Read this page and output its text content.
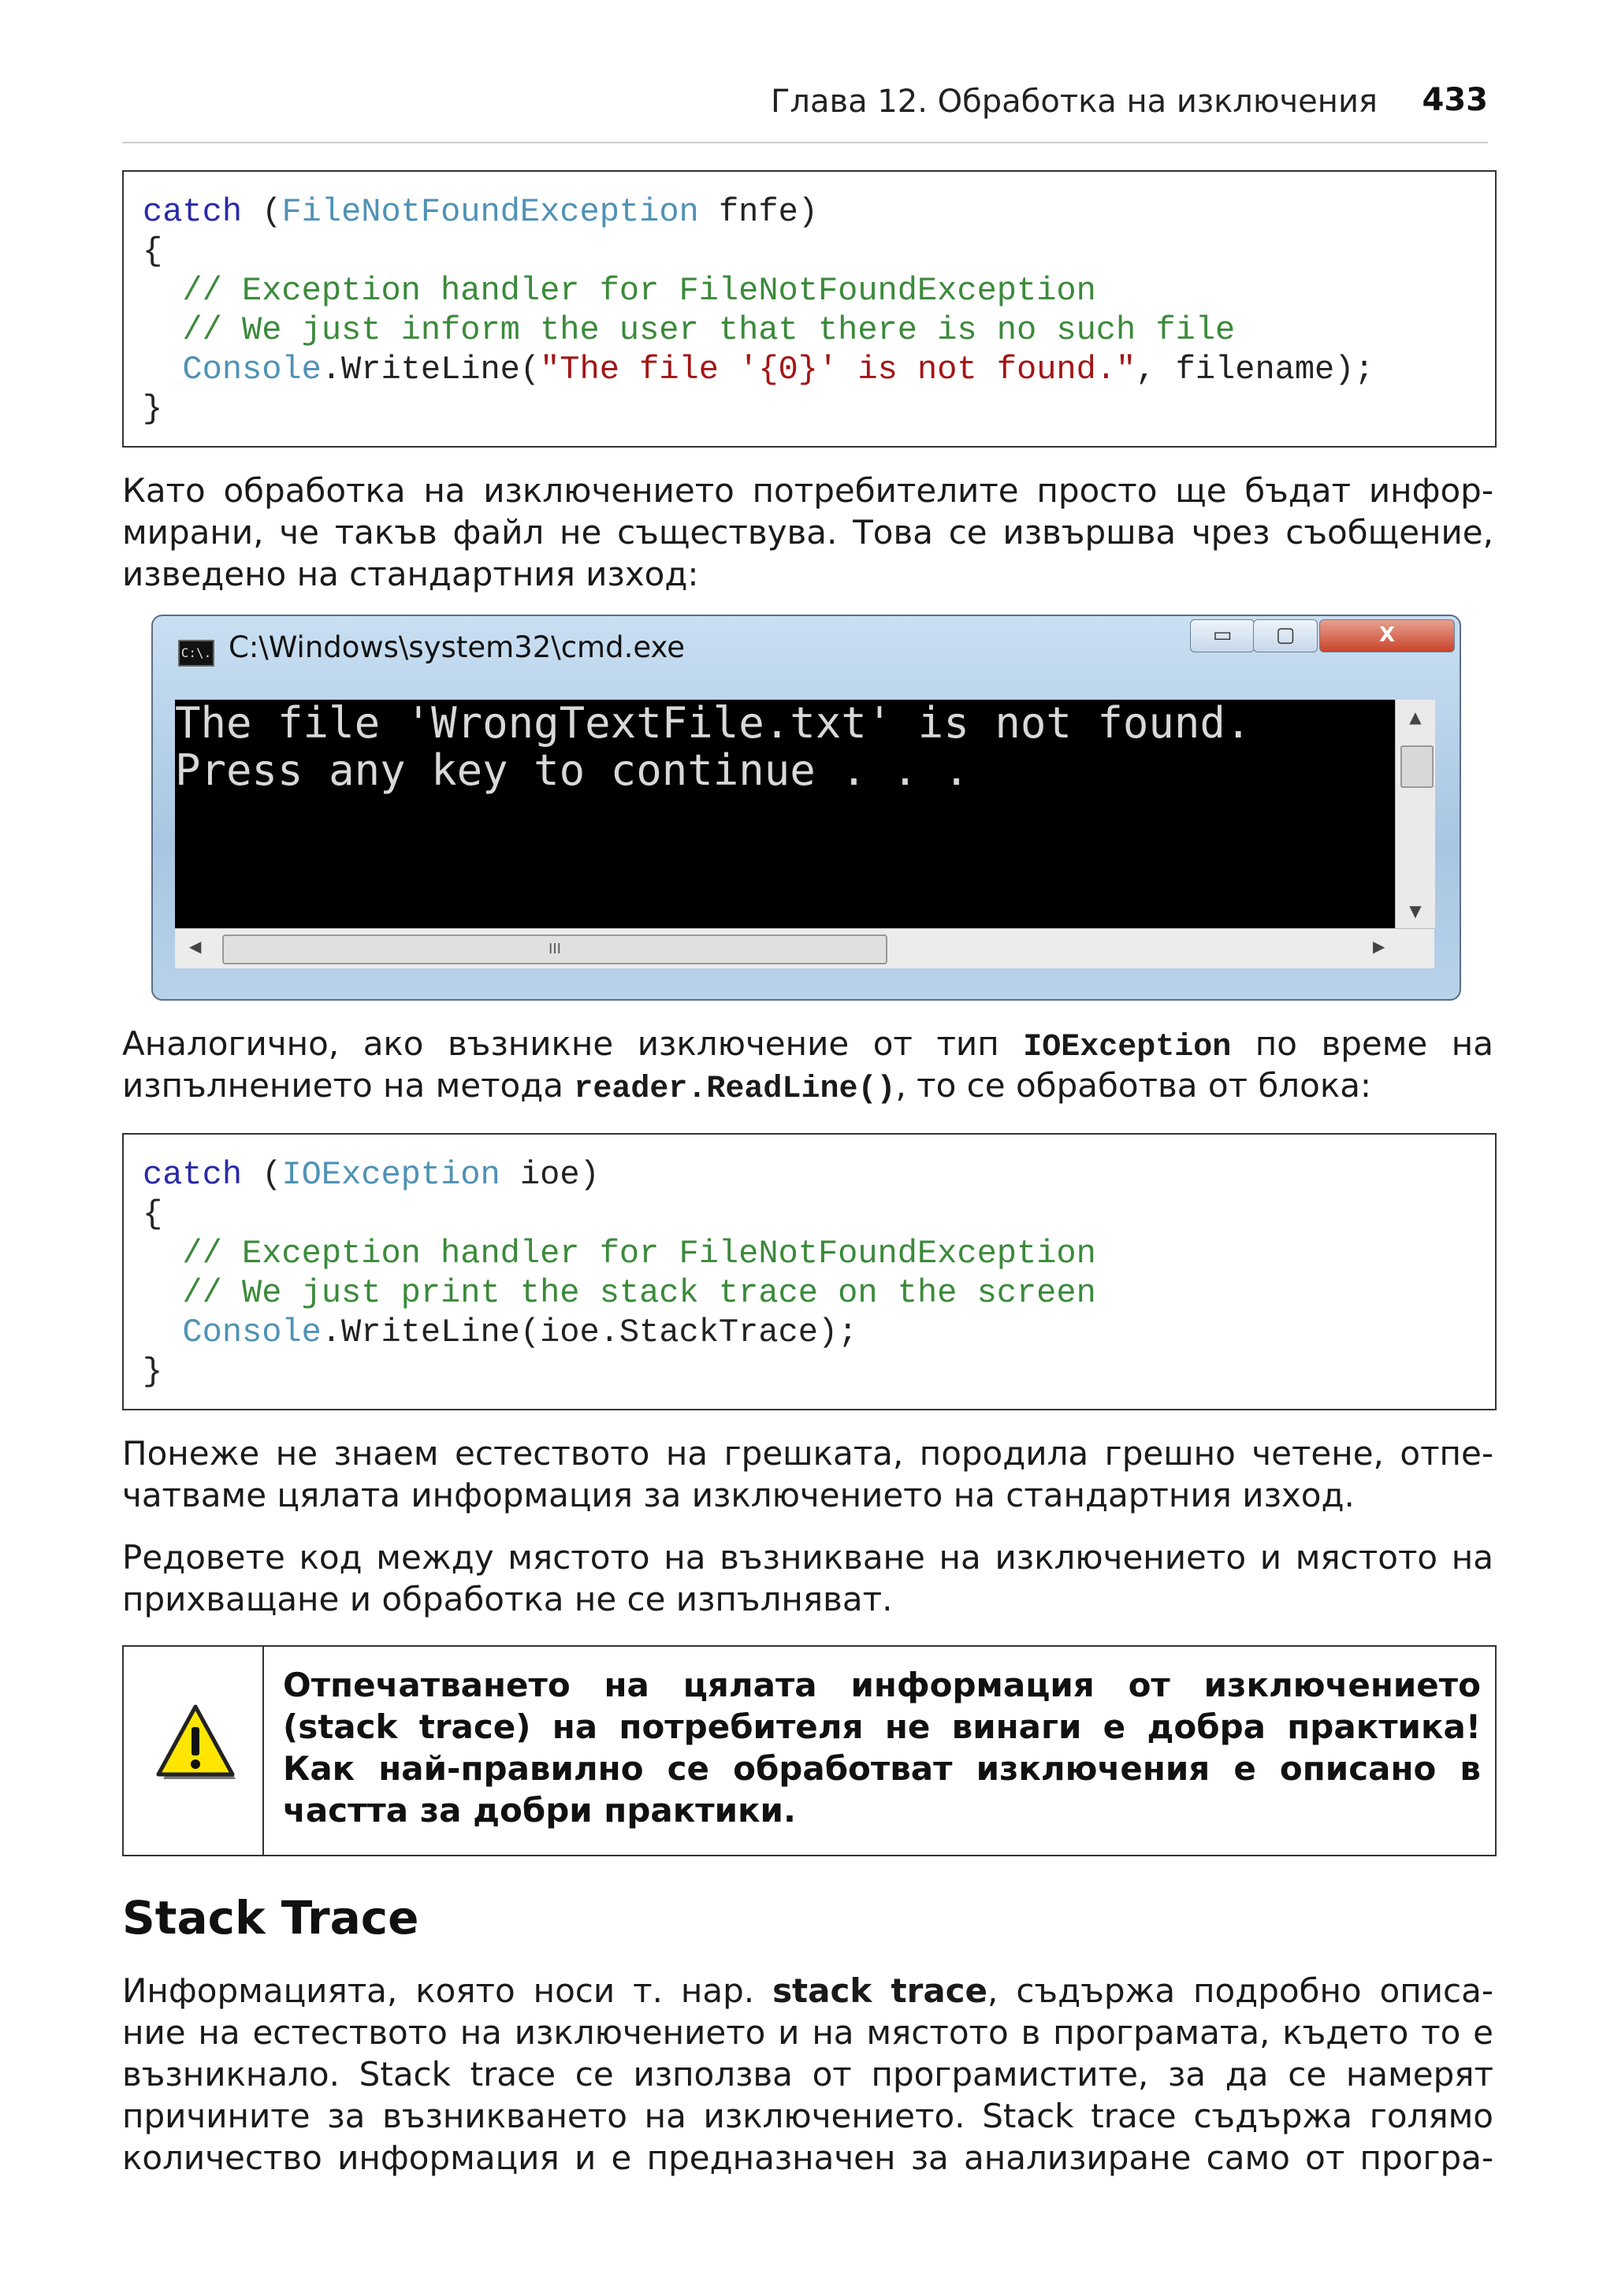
Глава 12. Обработка на изключения 433
catch (FileNotFoundException fnfe)
{
// Exception handler for FileNotFoundException
// We just inform the user that there is no such file
Console.WriteLine("The file '{0}' is not found.", filename);
}
Като обработка на изключението потребителите просто ще бъдат инфор-
мирани, че такъв файл не съществува. Това се извършва чрез съобщение,
изведено на стандартния изход:
C:\. C:\Windows\system32\cmd.exe	▭	▢	X
The file 'WrongTextFile.txt' is not found.
Press any key to continue . . .
▲
▼
◀	III	▶
Аналогично, ако възникне изключение от тип IOException по време на
изпълнението на метода reader.ReadLine(), то се обработва от блока:
catch (IOException ioe)
{
// Exception handler for FileNotFoundException
// We just print the stack trace on the screen
Console.WriteLine(ioe.StackTrace);
}
Понеже не знаем естеството на грешката, породила грешно четене, отпе-
чатваме цялата информация за изключението на стандартния изход.
Редовете код между мястото на възникване на изключението и мястото на
прихващане и обработка не се изпълняват.
Отпечатването на цялата информация от изключението
(stack trace) на потребителя не винаги е добра практика!
Как най-правилно се обработват изключения е описано в
частта за добри практики.
Stack Trace
Информацията, която носи т. нар. stack trace, съдържа подробно описа-
ние на естеството на изключението и на мястото в програмата, където то е
възникнало. Stack trace се използва от програмистите, за да се намерят
причините за възникването на изключението. Stack trace съдържа голямо
количество информация и е предназначен за анализиране само от програ-
